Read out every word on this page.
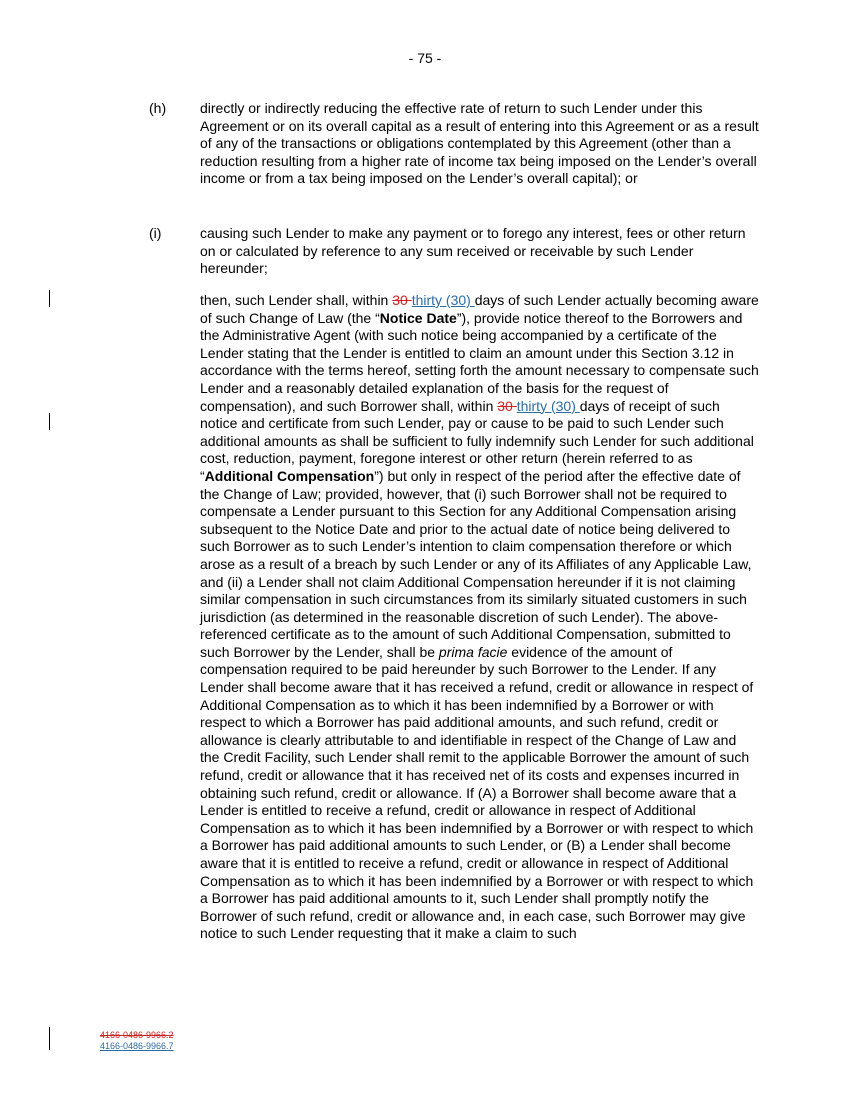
- 75 -
(h) directly or indirectly reducing the effective rate of return to such Lender under this Agreement or on its overall capital as a result of entering into this Agreement or as a result of any of the transactions or obligations contemplated by this Agreement (other than a reduction resulting from a higher rate of income tax being imposed on the Lender’s overall income or from a tax being imposed on the Lender’s overall capital); or
(i)	causing such Lender to make any payment or to forego any interest, fees or other return on or calculated by reference to any sum received or receivable by such Lender hereunder;
then, such Lender shall, within 30 thirty (30) days of such Lender actually becoming aware of such Change of Law (the “Notice Date”), provide notice thereof to the Borrowers and the Administrative Agent (with such notice being accompanied by a certificate of the Lender stating that the Lender is entitled to claim an amount under this Section 3.12 in accordance with the terms hereof, setting forth the amount necessary to compensate such Lender and a reasonably detailed explanation of the basis for the request of compensation), and such Borrower shall, within 30 thirty (30) days of receipt of such notice and certificate from such Lender, pay or cause to be paid to such Lender such additional amounts as shall be sufficient to fully indemnify such Lender for such additional cost, reduction, payment, foregone interest or other return (herein referred to as “Additional Compensation”) but only in respect of the period after the effective date of the Change of Law; provided, however, that (i) such Borrower shall not be required to compensate a Lender pursuant to this Section for any Additional Compensation arising subsequent to the Notice Date and prior to the actual date of notice being delivered to such Borrower as to such Lender’s intention to claim compensation therefore or which arose as a result of a breach by such Lender or any of its Affiliates of any Applicable Law, and (ii) a Lender shall not claim Additional Compensation hereunder if it is not claiming similar compensation in such circumstances from its similarly situated customers in such jurisdiction (as determined in the reasonable discretion of such Lender). The above-referenced certificate as to the amount of such Additional Compensation, submitted to such Borrower by the Lender, shall be prima facie evidence of the amount of compensation required to be paid hereunder by such Borrower to the Lender. If any Lender shall become aware that it has received a refund, credit or allowance in respect of Additional Compensation as to which it has been indemnified by a Borrower or with respect to which a Borrower has paid additional amounts, and such refund, credit or allowance is clearly attributable to and identifiable in respect of the Change of Law and the Credit Facility, such Lender shall remit to the applicable Borrower the amount of such refund, credit or allowance that it has received net of its costs and expenses incurred in obtaining such refund, credit or allowance. If (A) a Borrower shall become aware that a Lender is entitled to receive a refund, credit or allowance in respect of Additional Compensation as to which it has been indemnified by a Borrower or with respect to which a Borrower has paid additional amounts to such Lender, or (B) a Lender shall become aware that it is entitled to receive a refund, credit or allowance in respect of Additional Compensation as to which it has been indemnified by a Borrower or with respect to which a Borrower has paid additional amounts to it, such Lender shall promptly notify the Borrower of such refund, credit or allowance and, in each case, such Borrower may give notice to such Lender requesting that it make a claim to such
4166-0486-9966.2
4166-0486-9966.7
